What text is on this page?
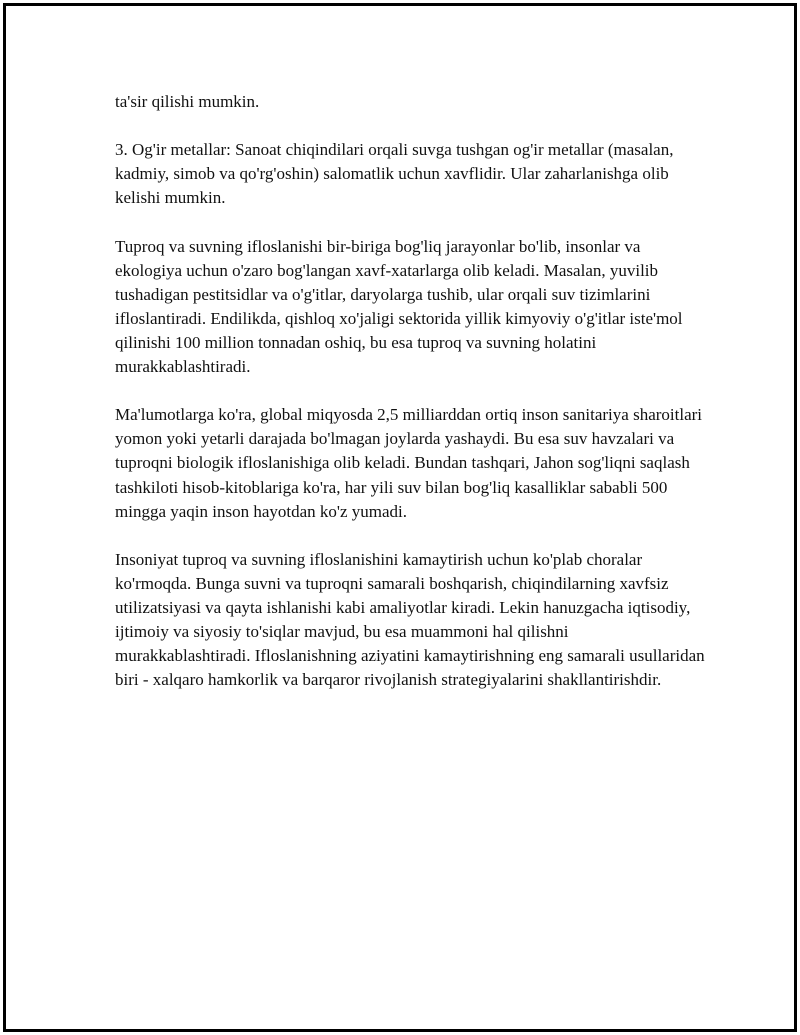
ta'sir qilishi mumkin.

3. Og'ir metallar: Sanoat chiqindilari orqali suvga tushgan og'ir metallar (masalan, kadmiy, simob va qo'rg'oshin) salomatlik uchun xavflidir. Ular zaharlanishga olib kelishi mumkin.

Tuproq va suvning ifloslanishi bir-biriga bog'liq jarayonlar bo'lib, insonlar va ekologiya uchun o'zaro bog'langan xavf-xatarlarga olib keladi. Masalan, yuvilib tushadigan pestitsidlar va o'g'itlar, daryolarga tushib, ular orqali suv tizimlarini ifloslantiradi. Endilikda, qishloq xo'jaligi sektorida yillik kimyoviy o'g'itlar iste'mol qilinishi 100 million tonnadan oshiq, bu esa tuproq va suvning holatini murakkablashtiradi.

Ma'lumotlarga ko'ra, global miqyosda 2,5 milliarddan ortiq inson sanitariya sharoitlari yomon yoki yetarli darajada bo'lmagan joylarda yashaydi. Bu esa suv havzalari va tuproqni biologik ifloslanishiga olib keladi. Bundan tashqari, Jahon sog'liqni saqlash tashkiloti hisob-kitoblariga ko'ra, har yili suv bilan bog'liq kasalliklar sababli 500 mingga yaqin inson hayotdan ko'z yumadi.

Insoniyat tuproq va suvning ifloslanishini kamaytirish uchun ko'plab choralar ko'rmoqda. Bunga suvni va tuproqni samarali boshqarish, chiqindilarning xavfsiz utilizatsiyasi va qayta ishlanishi kabi amaliyotlar kiradi. Lekin hanuzgacha iqtisodiy, ijtimoiy va siyosiy to'siqlar mavjud, bu esa muammoni hal qilishni murakkablashtiradi. Ifloslanishning aziyatini kamaytirishning eng samarali usullaridan biri - xalqaro hamkorlik va barqaror rivojlanish strategiyalarini shakllantirishdir.
